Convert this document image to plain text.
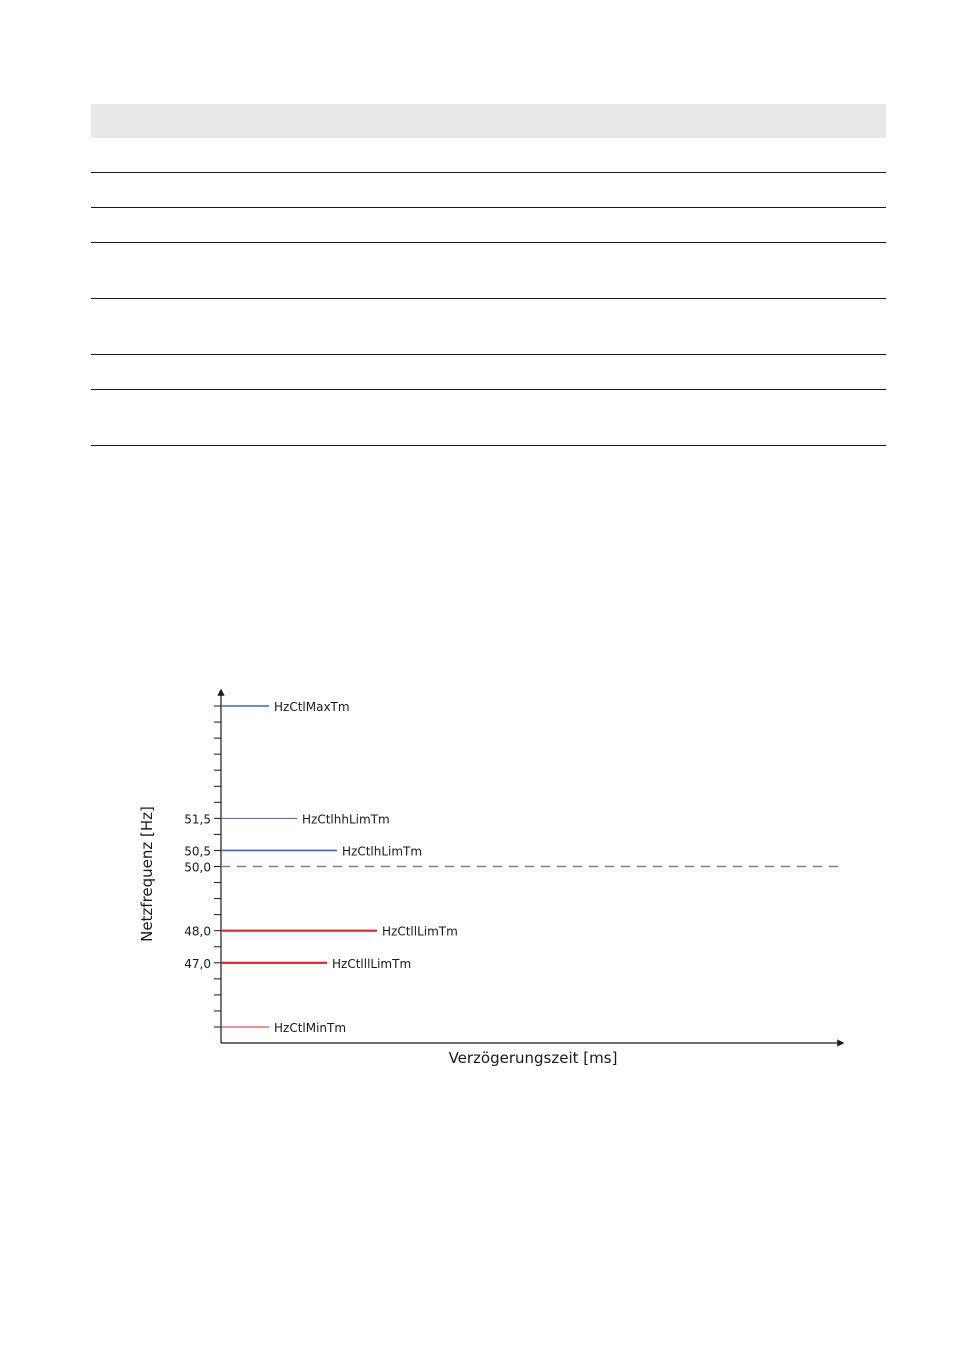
51,5
50,5
50,0
48,0
47,0
HzCtlMaxTm
HzCtlhhLimTm
HzCtlhLimTm
HzCtllLimTm
HzCtlllLimTm
HzCtlMinTm
Netzfrequenz [Hz]
Verzögerungszeit [ms]
